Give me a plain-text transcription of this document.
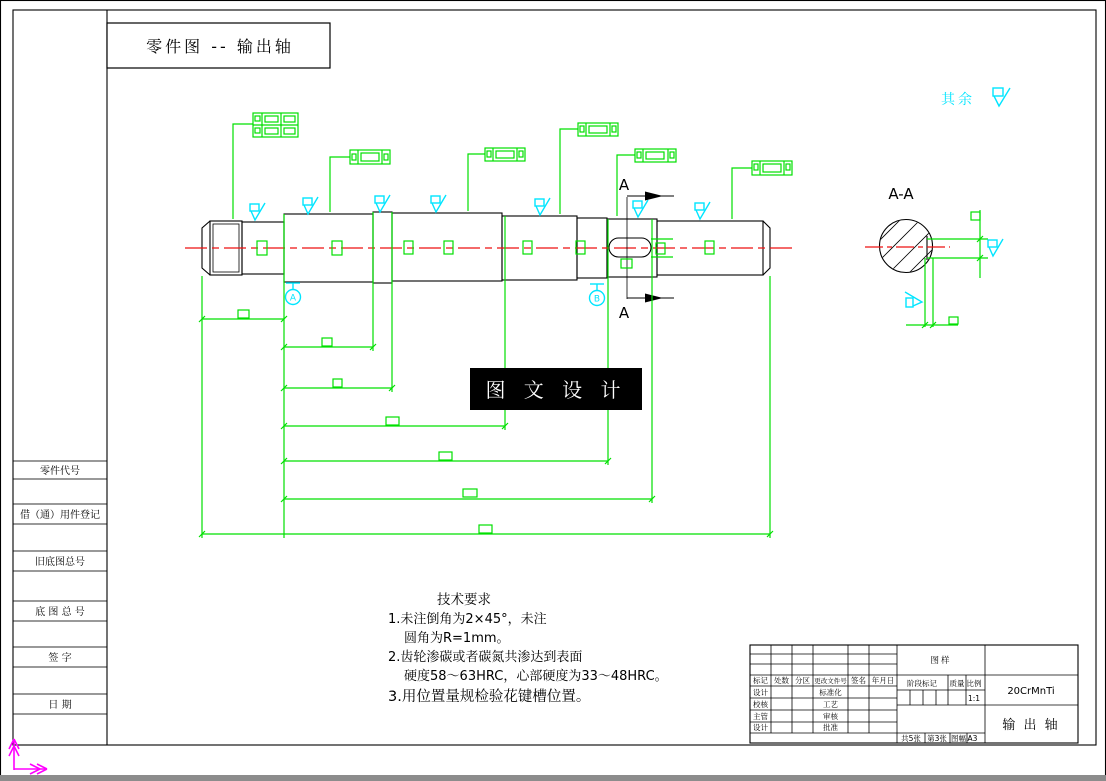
零件代号
借（通）用件登记
旧底图总号
底 图 总 号
签 字
日 期
零件图 -- 输出轴
其余
A	B
A
A
A-A
图 文 设 计
技术要求
1.未注倒角为2×45°，未注
圆角为R=1mm。
2.齿轮渗碳或者碳氮共渗达到表面
硬度58～63HRC，心部硬度为33～48HRC。
3.用位置量规检验花键槽位置。
标记 处数 分区 更改文件号 签名 年月日
设计
校核
主管
设计
标准化
工艺
审核
批准
图样
阶段标记 质量 比例
1:1
共5张 第3张 图幅 A3
20CrMnTi
输 出 轴
